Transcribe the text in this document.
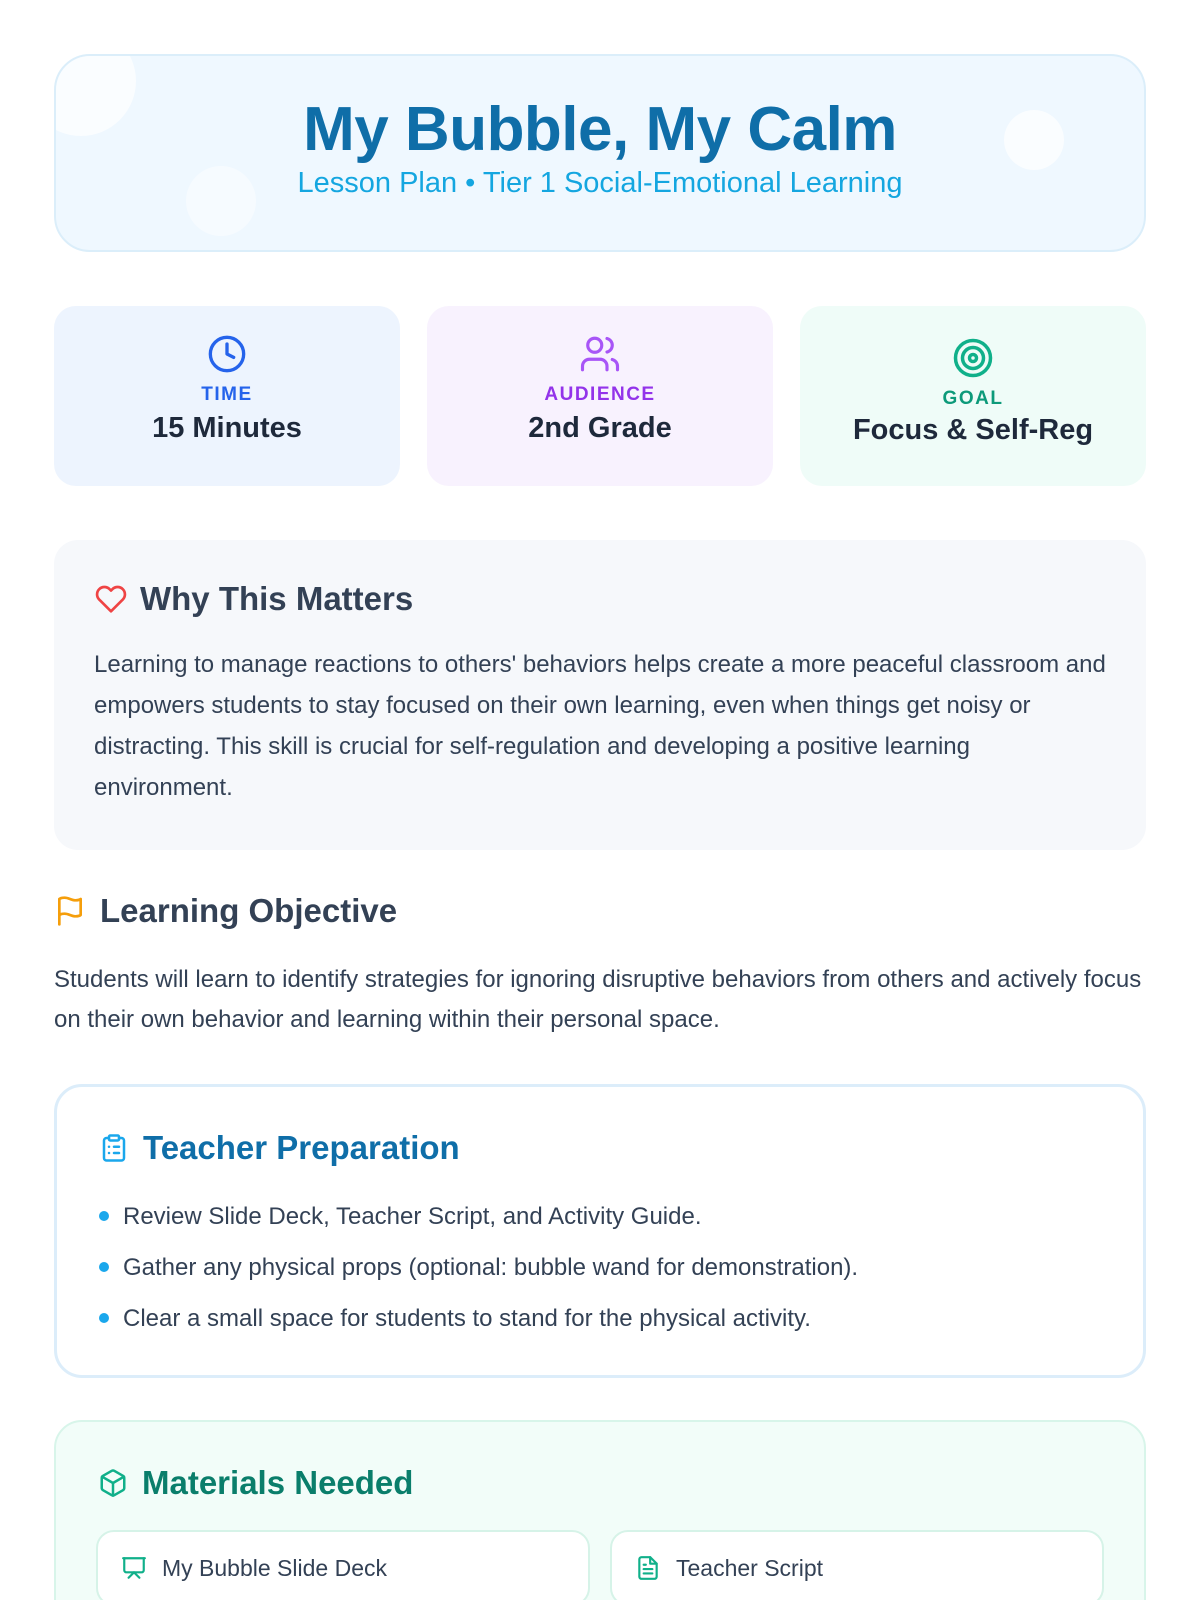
My Bubble, My Calm
Lesson Plan • Tier 1 Social-Emotional Learning
TIME
15 Minutes
AUDIENCE
2nd Grade
GOAL
Focus & Self-Reg
Why This Matters

Learning to manage reactions to others' behaviors helps create a more peaceful classroom and empowers students to stay focused on their own learning, even when things get noisy or distracting. This skill is crucial for self-regulation and developing a positive learning environment.

Learning Objective

Students will learn to identify strategies for ignoring disruptive behaviors from others and actively focus on their own behavior and learning within their personal space.

Teacher Preparation
Review Slide Deck, Teacher Script, and Activity Guide.
Gather any physical props (optional: bubble wand for demonstration).
Clear a small space for students to stand for the physical activity.
Materials Needed
My Bubble Slide Deck	Teacher Script
